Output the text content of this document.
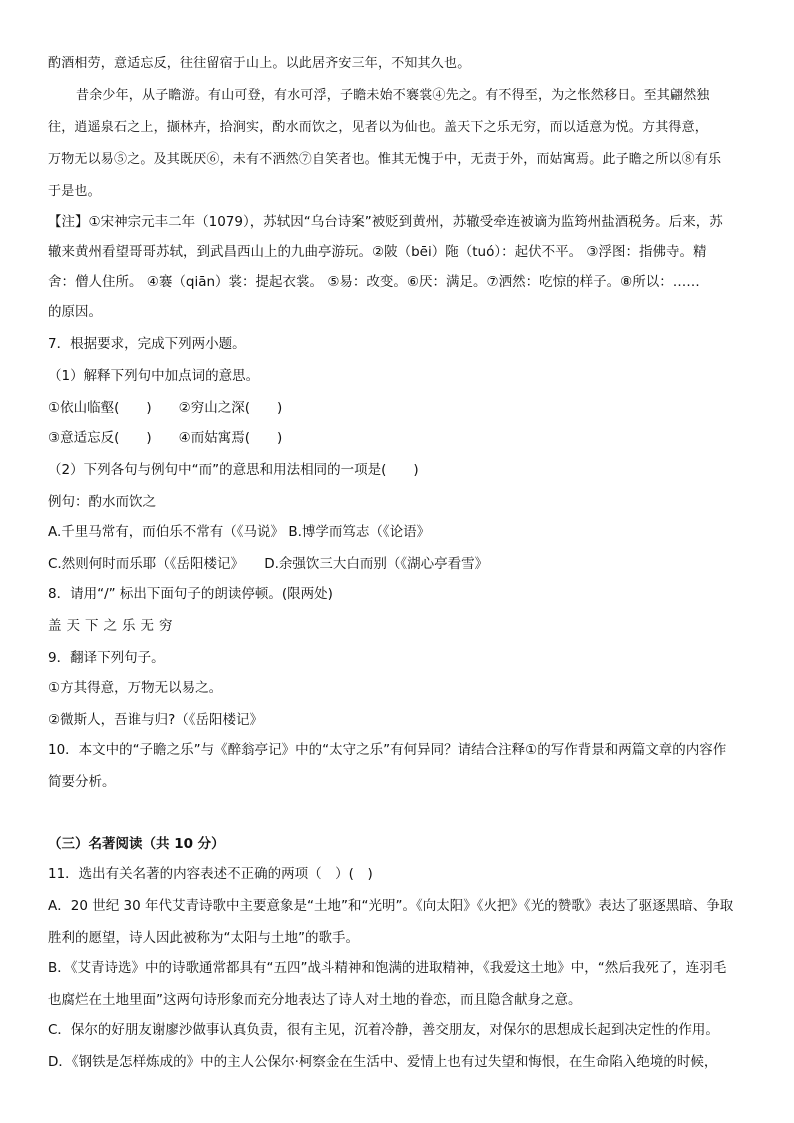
酌酒相劳，意适忘反，往往留宿于山上。以此居齐安三年，不知其久也。
昔余少年，从子瞻游。有山可登，有水可浮，子瞻未始不褰裳④先之。有不得至，为之怅然移日。至其翩然独
往，逍遥泉石之上，撷林卉，拾涧实，酌水而饮之，见者以为仙也。盖天下之乐无穷，而以适意为悦。方其得意，
万物无以易⑤之。及其既厌⑥，未有不洒然⑦自笑者也。惟其无愧于中，无责于外，而姑寓焉。此子瞻之所以⑧有乐
于是也。
【注】①宋神宗元丰二年（1079），苏轼因“乌台诗案”被贬到黄州，苏辙受牵连被谪为监筠州盐酒税务。后来，苏
辙来黄州看望哥哥苏轼，到武昌西山上的九曲亭游玩。②陂（bēi）陁（tuó）：起伏不平。 ③浮图：指佛寺。精
舍：僧人住所。 ④褰（qiān）裳：提起衣裳。 ⑤易：改变。⑥厌：满足。⑦洒然：吃惊的样子。⑧所以：……
的原因。
7．根据要求，完成下列两小题。
（1）解释下列句中加点词的意思。
①依山临壑(　　)　　②穷山之深(　　)
③意适忘反(　　)　　④而姑寓焉(　　)
（2）下列各句与例句中“而”的意思和用法相同的一项是(　　)
例句：酌水而饮之
A.千里马常有，而伯乐不常有（《马说》 B.博学而笃志（《论语》
C.然则何时而乐耶（《岳阳楼记》　　D.余强饮三大白而别（《湖心亭看雪》
8．请用“/” 标出下面句子的朗读停顿。(限两处)
盖天下之乐无穷
9．翻译下列句子。
①方其得意，万物无以易之。
②微斯人，吾谁与归?（《岳阳楼记》
10．本文中的“子瞻之乐”与《醉翁亭记》中的“太守之乐”有何异同？请结合注释①的写作背景和两篇文章的内容作
简要分析。
（三）名著阅读（共 10 分）
11．选出有关名著的内容表述不正确的两项（　）(　)
A．20 世纪 30 年代艾青诗歌中主要意象是“土地”和“光明”。《向太阳》《火把》《光的赞歌》表达了驱逐黑暗、争取
胜利的愿望，诗人因此被称为“太阳与土地”的歌手。
B．《艾青诗选》中的诗歌通常都具有“五四”战斗精神和饱满的进取精神，《我爱这土地》中，“然后我死了，连羽毛
也腐烂在土地里面”这两句诗形象而充分地表达了诗人对土地的眷恋，而且隐含献身之意。
C．保尔的好朋友谢廖沙做事认真负责，很有主见，沉着冷静，善交朋友，对保尔的思想成长起到决定性的作用。
D．《钢铁是怎样炼成的》中的主人公保尔·柯察金在生活中、爱情上也有过失望和悔恨，在生命陷入绝境的时候，
